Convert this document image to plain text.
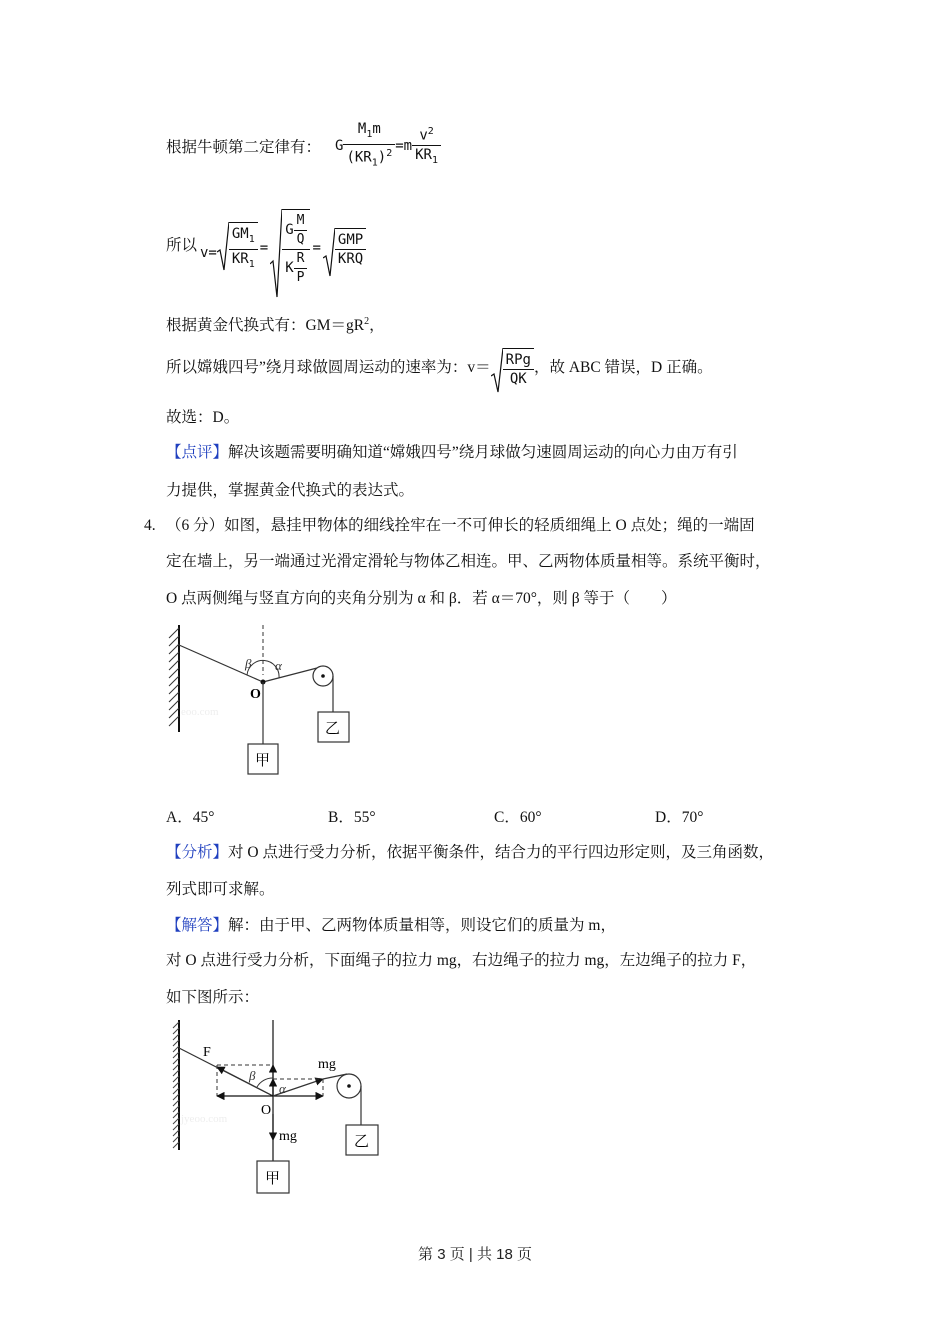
根据牛顿第二定律有： G $\frac{M_1m}{(KR_1)^2} =m \frac{v^2}{KR_1}$
所以 $v= \frac{GM_1}{KR_1} = \frac{G \frac{M}{Q}}{K \frac{R}{P}} = \frac{\text{GMP}}{\text{KRQ}}$
根据黄金代换式有：$GM=gR^2$，
所以嫦娥四号”绕月球做圆周运动的速率为：$v= \frac{\text{RPg}}{QK}$ ，故 ABC 错误，D 正确。
故选：D。
【点评】解决该题需要明确知道“嫦娥四号”绕月球做匀速圆周运动的向心力由万有引
力提供，掌握黄金代换式的表达式。
4. （6 分）如图，悬挂甲物体的细线拴牢在一不可伸长的轻质细绳上 O 点处；绳的一端固
定在墙上，另一端通过光滑定滑轮与物体乙相连。甲、乙两物体质量相等。系统平衡时，
O 点两侧绳与竖直方向的夹角分别为 α 和 β．若 α＝70°，则 β 等于（　　）
O
β α
乙
甲
eoo.com
A．45°	B．55°	C．60°	D．70°
【分析】对 O 点进行受力分析，依据平衡条件，结合力的平行四边形定则，及三角函数，
列式即可求解。
【解答】解：由于甲、乙两物体质量相等，则设它们的质量为 m，
对 O 点进行受力分析，下面绳子的拉力 mg，右边绳子的拉力 mg，左边绳子的拉力 F，
如下图所示：
F
β
α
mg
O
乙
mg
甲
jyeoo.com
第 3 页 | 共 18 页
